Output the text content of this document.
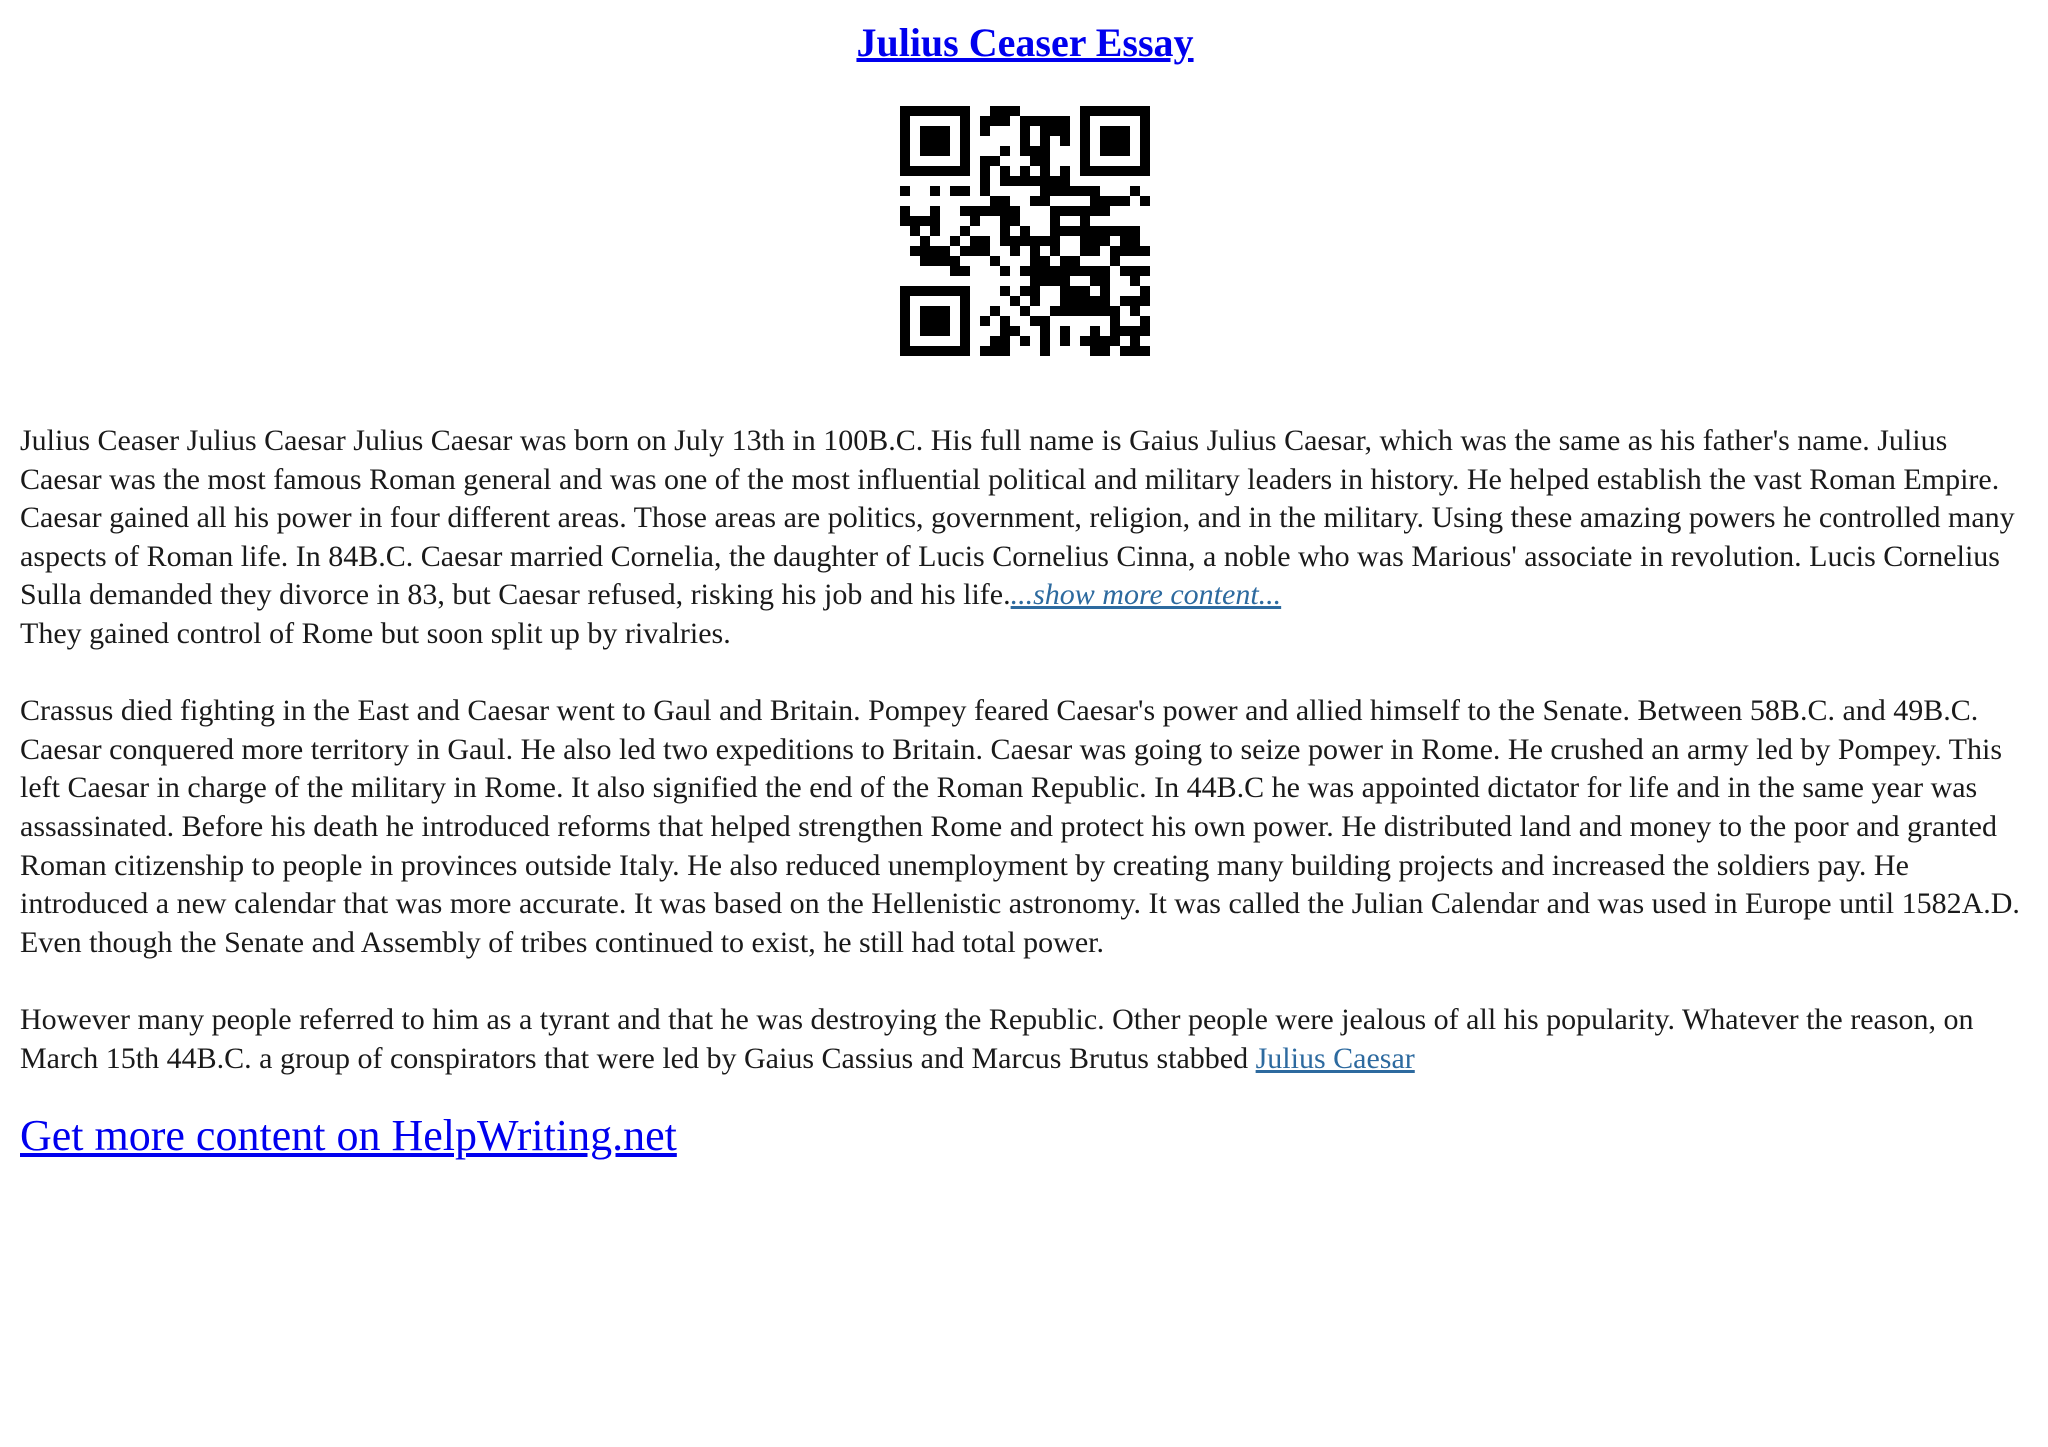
Julius Ceaser Essay

Julius Ceaser Julius Caesar Julius Caesar was born on July 13th in 100B.C. His full name is Gaius Julius Caesar, which was the same as his father's name. Julius Caesar was the most famous Roman general and was one of the most influential political and military leaders in history. He helped establish the vast Roman Empire. Caesar gained all his power in four different areas. Those areas are politics, government, religion, and in the military. Using these amazing powers he controlled many aspects of Roman life. In 84B.C. Caesar married Cornelia, the daughter of Lucis Cornelius Cinna, a noble who was Marious' associate in revolution. Lucis Cornelius Sulla demanded they divorce in 83, but Caesar refused, risking his job and his life....show more content...

They gained control of Rome but soon split up by rivalries.

Crassus died fighting in the East and Caesar went to Gaul and Britain. Pompey feared Caesar's power and allied himself to the Senate. Between 58B.C. and 49B.C. Caesar conquered more territory in Gaul. He also led two expeditions to Britain. Caesar was going to seize power in Rome. He crushed an army led by Pompey. This left Caesar in charge of the military in Rome. It also signified the end of the Roman Republic. In 44B.C he was appointed dictator for life and in the same year was assassinated. Before his death he introduced reforms that helped strengthen Rome and protect his own power. He distributed land and money to the poor and granted Roman citizenship to people in provinces outside Italy. He also reduced unemployment by creating many building projects and increased the soldiers pay. He introduced a new calendar that was more accurate. It was based on the Hellenistic astronomy. It was called the Julian Calendar and was used in Europe until 1582A.D. Even though the Senate and Assembly of tribes continued to exist, he still had total power.

However many people referred to him as a tyrant and that he was destroying the Republic. Other people were jealous of all his popularity. Whatever the reason, on March 15th 44B.C. a group of conspirators that were led by Gaius Cassius and Marcus Brutus stabbed Julius Caesar

Get more content on HelpWriting.net
